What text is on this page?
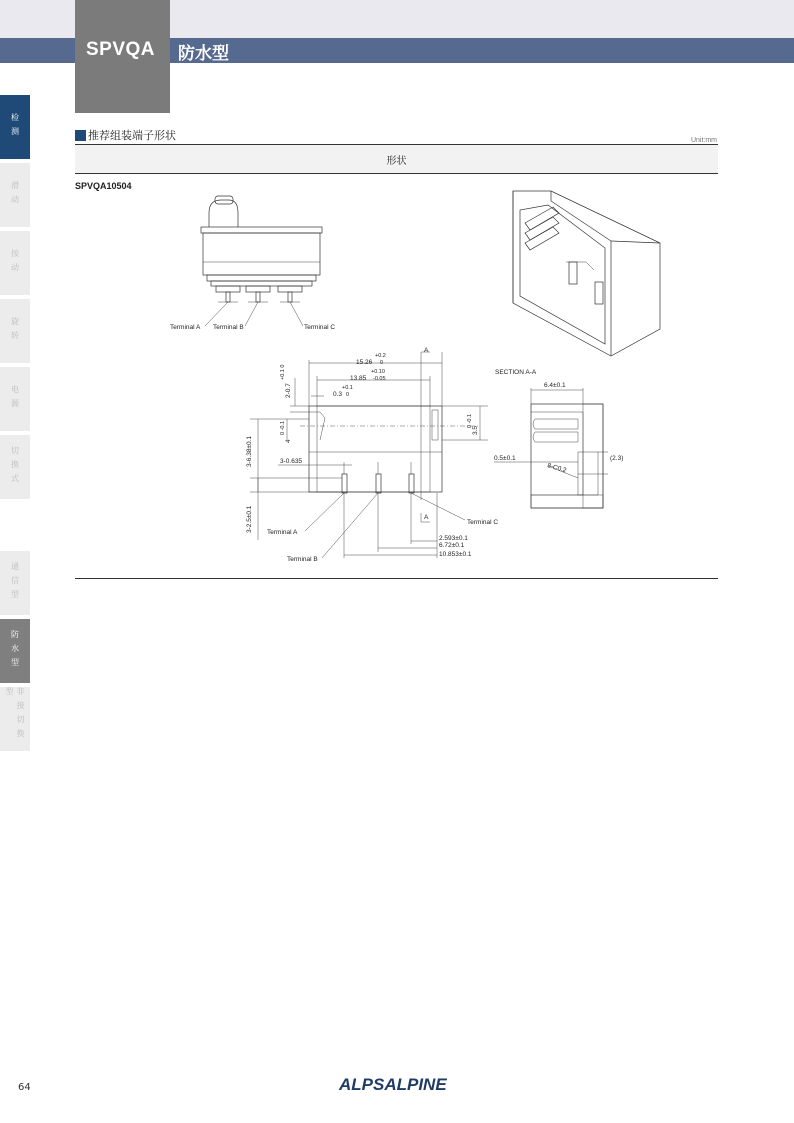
SPVQA 防水型
检测
滑动
按动
旋转
电源
切换式
通信型
防水型
非接切换型
推荐组装端子形状	Unit:mm
形状
SPVQA10504
Terminal A Terminal B	Terminal C
15.26
+0.2
0
A
13.85
+0.10
-0.05
0.3
+0.1
0
2-0.7
+0.1 0
4
0 -0.1
3-6.38±0.1	3-0.635
3.5
0 -0.1
3-2.5±0.1	A
Terminal C
Terminal A
Terminal B
2.593±0.1
6.72±0.1
10.853±0.1
SECTION A-A
6.4±0.1
0.5±0.1
8-C0.2
(2.3)
64	ALPSALPINE
